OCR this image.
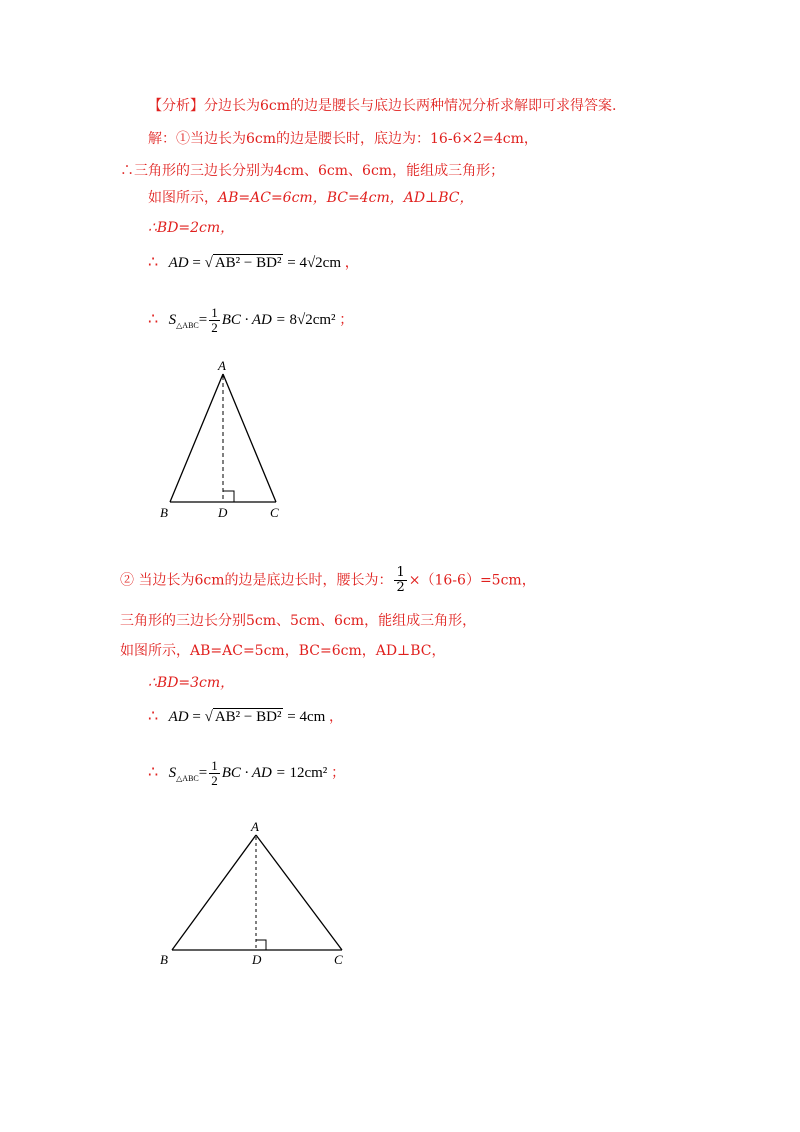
【分析】分边长为6cm的边是腰长与底边长两种情况分析求解即可求得答案.
解：①当边长为6cm的边是腰长时，底边为：16-6×2=4cm，
∴三角形的三边长分别为4cm、6cm、6cm，能组成三角形；
如图所示，AB=AC=6cm，BC=4cm，AD⊥BC，
∴BD=2cm，
∴ AD = √ AB² − BD² = 4√2cm ，
∴ $S_{\triangle ABC}= \frac{1}{2}$ BC · AD = 8√2cm² ；
② 当边长为6cm的边是底边长时，腰长为： $\frac{1}{2} \times(16-6)=5cm$，
三角形的三边长分别5cm、5cm、6cm，能组成三角形，
如图所示，AB=AC=5cm，BC=6cm，AD⊥BC，
∴BD=3cm，
∴ AD = √ AB² − BD² = 4cm ，
∴ $S_{\triangle ABC}= \frac{1}{2}$ BC · AD = 12cm² ；
A
B	D	C
A
B	D	C
